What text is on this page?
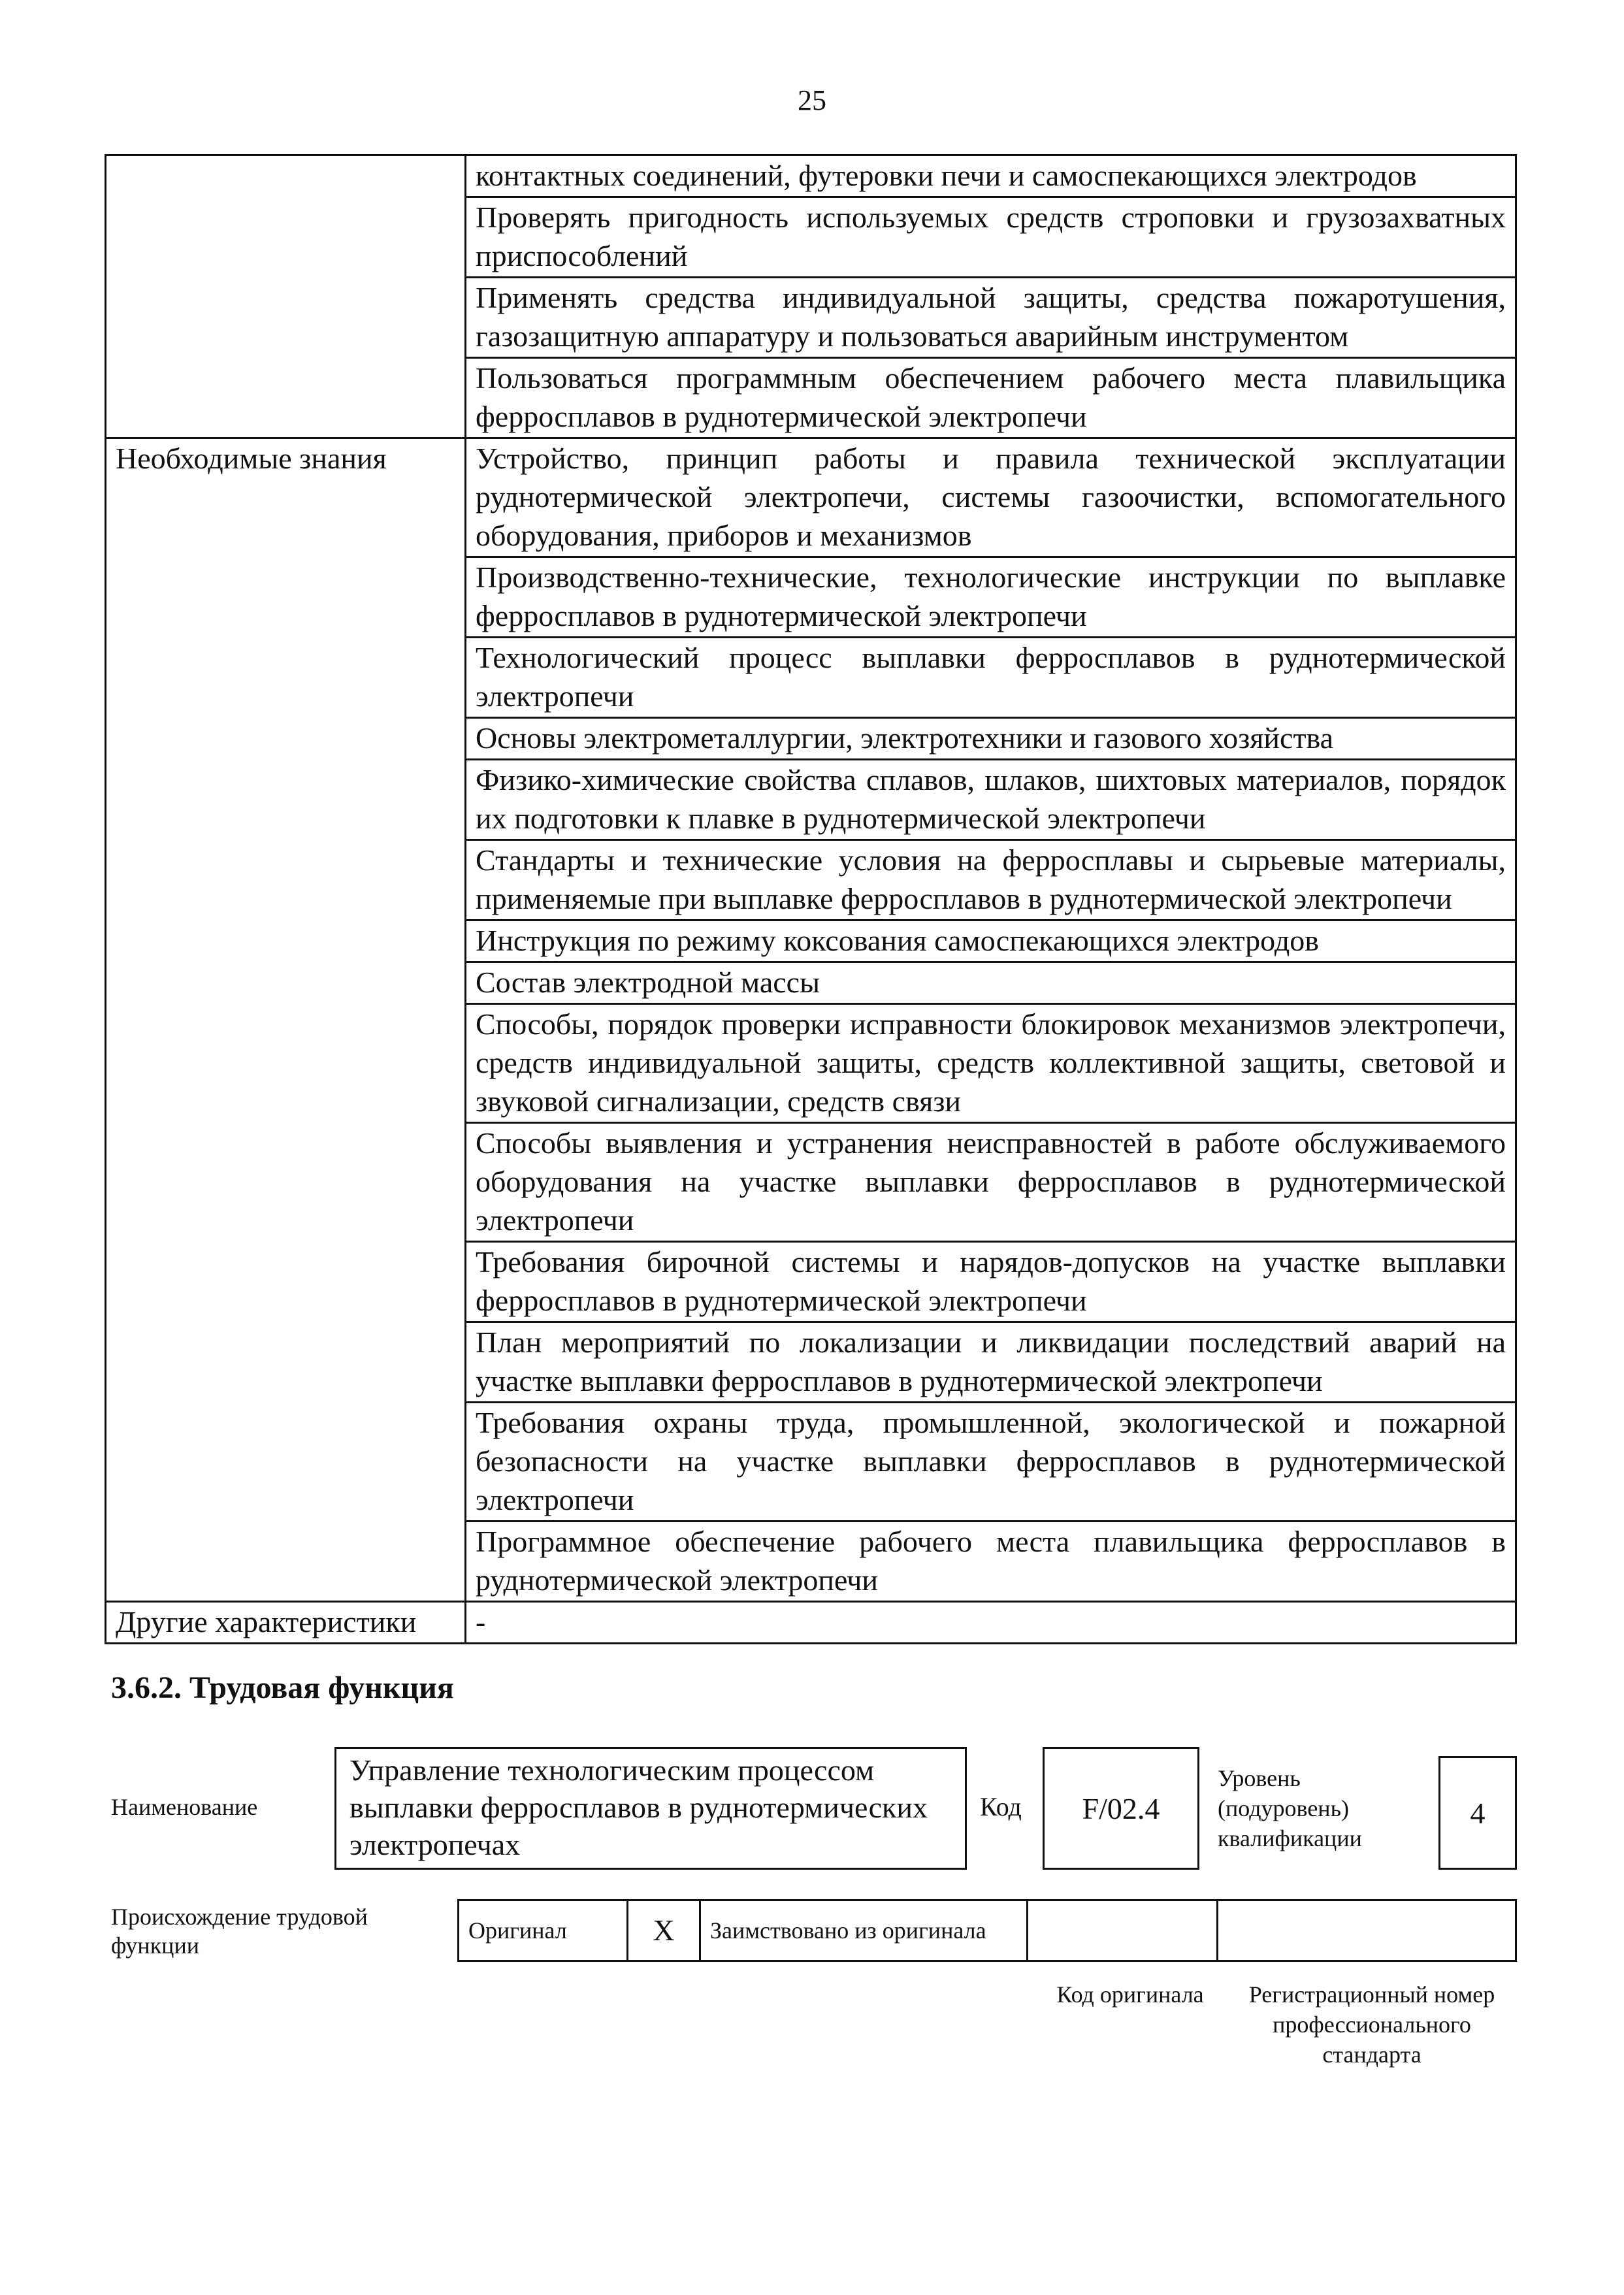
25
	контактных соединений, футеровки печи и самоспекающихся электродов
	Проверять пригодность используемых средств строповки и грузозахватных приспособлений
	Применять средства индивидуальной защиты, средства пожаротушения, газозащитную аппаратуру и пользоваться аварийным инструментом
	Пользоваться программным обеспечением рабочего места плавильщика ферросплавов в руднотермической электропечи
Необходимые знания	Устройство, принцип работы и правила технической эксплуатации руднотермической электропечи, системы газоочистки, вспомогательного оборудования, приборов и механизмов
	Производственно-технические, технологические инструкции по выплавке ферросплавов в руднотермической электропечи
	Технологический процесс выплавки ферросплавов в руднотермической электропечи
	Основы электрометаллургии, электротехники и газового хозяйства
	Физико-химические свойства сплавов, шлаков, шихтовых материалов, порядок их подготовки к плавке в руднотермической электропечи
	Стандарты и технические условия на ферросплавы и сырьевые материалы, применяемые при выплавке ферросплавов в руднотермической электропечи
	Инструкция по режиму коксования самоспекающихся электродов
	Состав электродной массы
	Способы, порядок проверки исправности блокировок механизмов электропечи, средств индивидуальной защиты, средств коллективной защиты, световой и звуковой сигнализации, средств связи
	Способы выявления и устранения неисправностей в работе обслуживаемого оборудования на участке выплавки ферросплавов в руднотермической электропечи
	Требования бирочной системы и нарядов-допусков на участке выплавки ферросплавов в руднотермической электропечи
	План мероприятий по локализации и ликвидации последствий аварий на участке выплавки ферросплавов в руднотермической электропечи
	Требования охраны труда, промышленной, экологической и пожарной безопасности на участке выплавки ферросплавов в руднотермической электропечи
	Программное обеспечение рабочего места плавильщика ферросплавов в руднотермической электропечи
Другие характеристики	-
3.6.2. Трудовая функция
Наименование
Управление технологическим процессом выплавки ферросплавов в руднотермических электропечах
Код F/02.4
Уровень
(подуровень)
квалификации
4
Происхождение трудовой функции
Оригинал	X	Заимствовано из оригинала		
Код оригинала	Регистрационный номер профессионального стандарта
